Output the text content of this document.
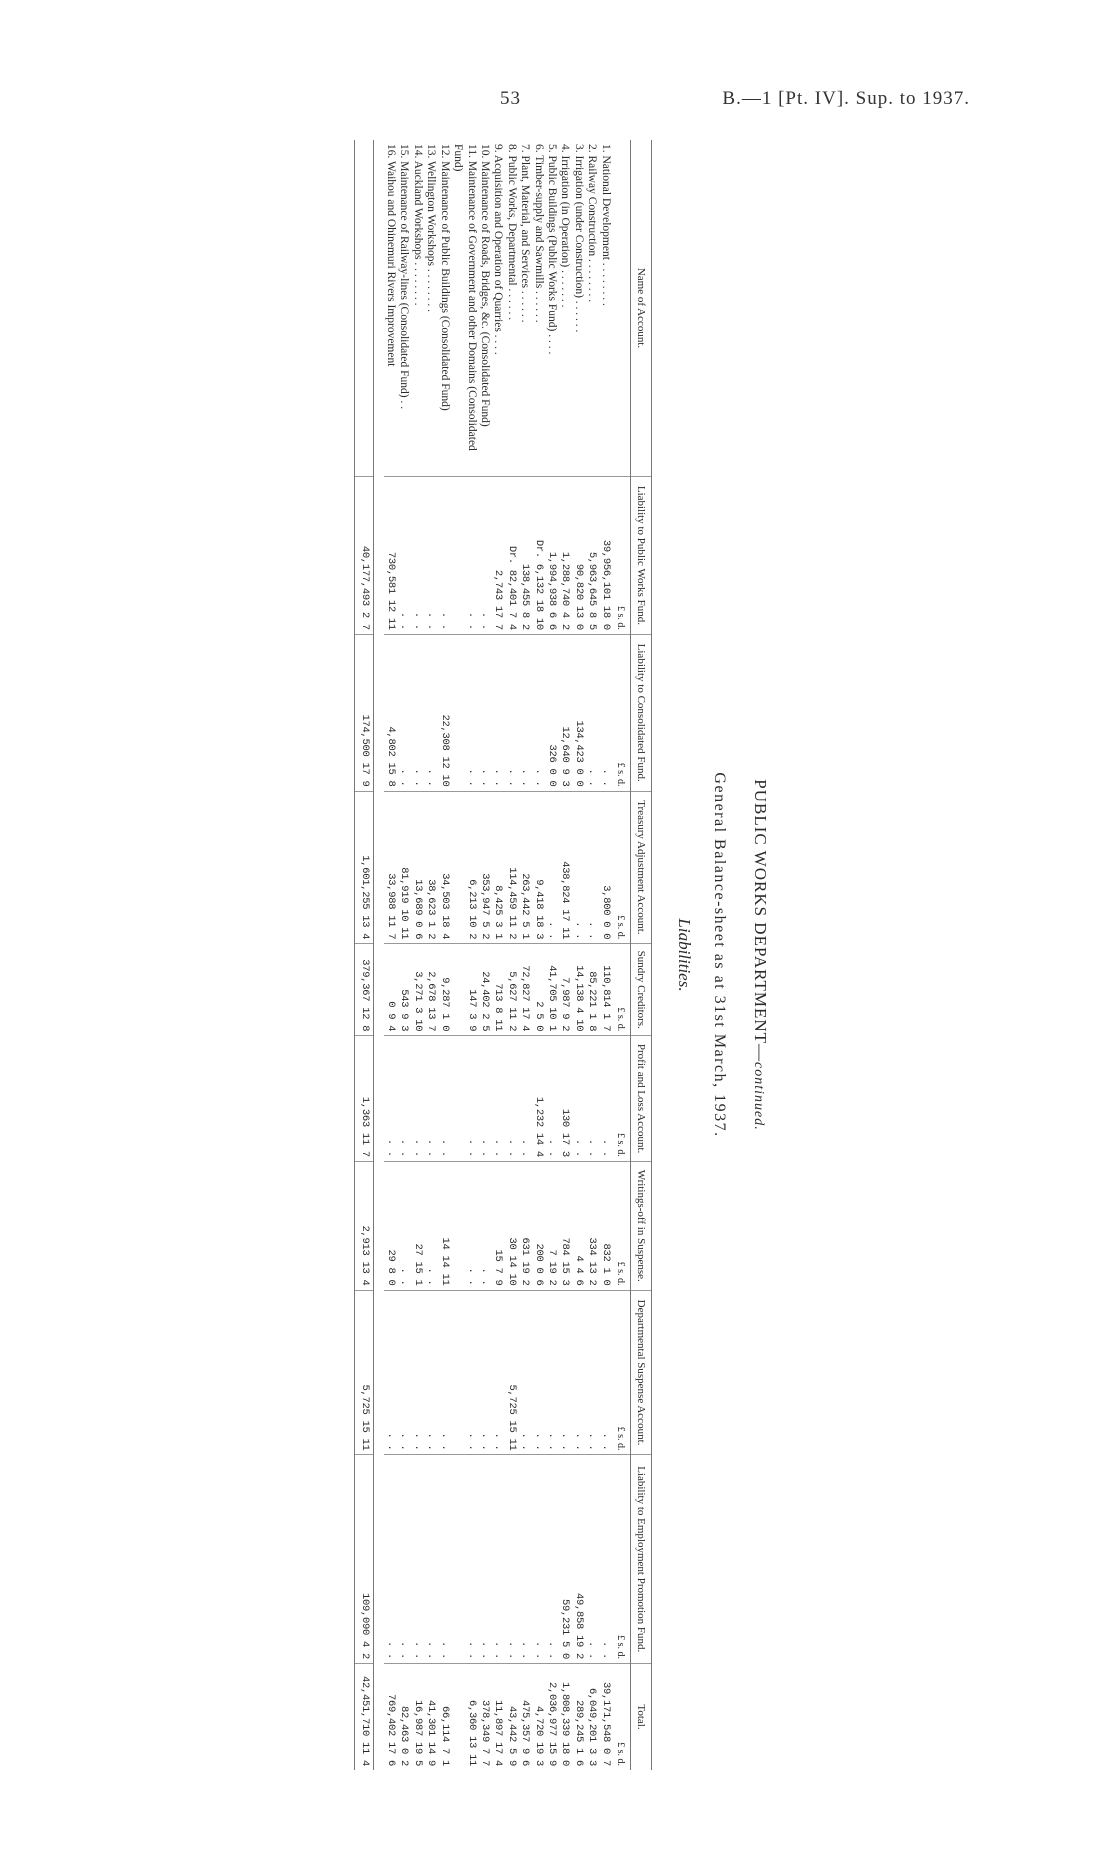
53	B.—1 [Pt. IV]. Sup. to 1937.
PUBLIC WORKS DEPARTMENT—continued.
General Balance-sheet as at 31st March, 1937.
Liabilities.
Name of Account.	Liability to Public Works Fund.	Liability to Consolidated Fund.	Treasury Adjustment Account.	Sundry Creditors.	Profit and Loss Account.	Writings-off in Suspense.	Departmental Suspense Account.	Liability to Employment Promotion Fund.	Total.
	£ s. d.	£ s. d.	£ s. d.	£ s. d.	£ s. d.	£ s. d.	£ s. d.	£ s. d.	£ s. d.
1. National Development . . . . . . . .	39,956,101 18 0	. .	3,800 0 0	110,814 1 7	. .	832 1 0	. .	. .	39,171,548 0 7
2. Railway Construction . . . . . . . .	5,963,645 8 5	. .	. .	85,221 1 8	. .	334 13 2	. .	. .	6,049,201 3 3
3. Irrigation (under Construction) . . . . . .	90,820 13 0	134,423 0 0	. .	14,138 4 10	. .	4 4 6	. .	49,858 19 2	289,245 1 6
4. Irrigation (in Operation) . . . . . . .	1,288,740 4 2	12,640 9 3	438,824 17 11	7,987 9 2	130 17 3	784 15 3	. .	59,231 5 0	1,808,339 18 0
5. Public Buildings (Public Works Fund) . . . .	1,994,938 6 6	326 0 0	. .	41,705 10 1	. .	7 19 2	. .	. .	2,036,977 15 9
6. Timber-supply and Sawmills . . . . . .	Dr. 6,132 18 10	. .	9,418 18 3	2 5 0	1,232 14 4	200 0 6	. .	. .	4,720 19 3
7. Plant, Material, and Services . . . . . .	138,455 8 2	. .	263,442 5 1	72,827 17 4	. .	631 19 2	. .	. .	475,357 9 6
8. Public Works, Departmental . . . . . .	Dr. 82,401 7 4	. .	114,459 11 2	5,627 11 2	. .	30 14 10	5,725 15 11	. .	43,442 5 9
9. Acquisition and Operation of Quarries . . . .	2,743 17 7	. .	8,425 3 1	713 8 11	. .	15 7 9	. .	. .	11,897 17 4
10. Maintenance of Roads, Bridges, &c. (Consolidated Fund)	. .	. .	353,947 5 2	24,402 2 5	. .	. .	. .	. .	378,349 7 7
11. Maintenance of Government and other Domains (Consolidated Fund)	. .	. .	6,213 10 2	147 3 9	. .	. .	. .	. .	6,360 13 11
12. Maintenance of Public Buildings (Consolidated Fund)	. .	22,308 12 10	34,503 18 4	9,287 1 0	. .	14 14 11	. .	. .	66,114 7 1
13. Wellington Workshops . . . . . . . .	. .	. .	38,623 1 2	2,678 13 7	. .	. .	. .	. .	41,301 14 9
14. Auckland Workshops . . . . . . . .	. .	. .	13,689 0 6	3,271 3 10	. .	27 15 1	. .	. .	16,987 19 5
15. Maintenance of Railway-lines (Consolidated Fund) . .	. .	. .	81,919 10 11	543 9 3	. .	. .	. .	. .	82,463 0 2
16. Waihou and Ohinemuri Rivers Improvement	730,581 12 11	4,802 15 8	33,988 11 7	0 9 4	. .	29 8 0	. .	. .	769,402 17 6

	40,177,493 2 7	174,500 17 9	1,601,255 13 4	379,367 12 8	1,363 11 7	2,913 13 4	5,725 15 11	109,090 4 2	42,451,710 11 4
